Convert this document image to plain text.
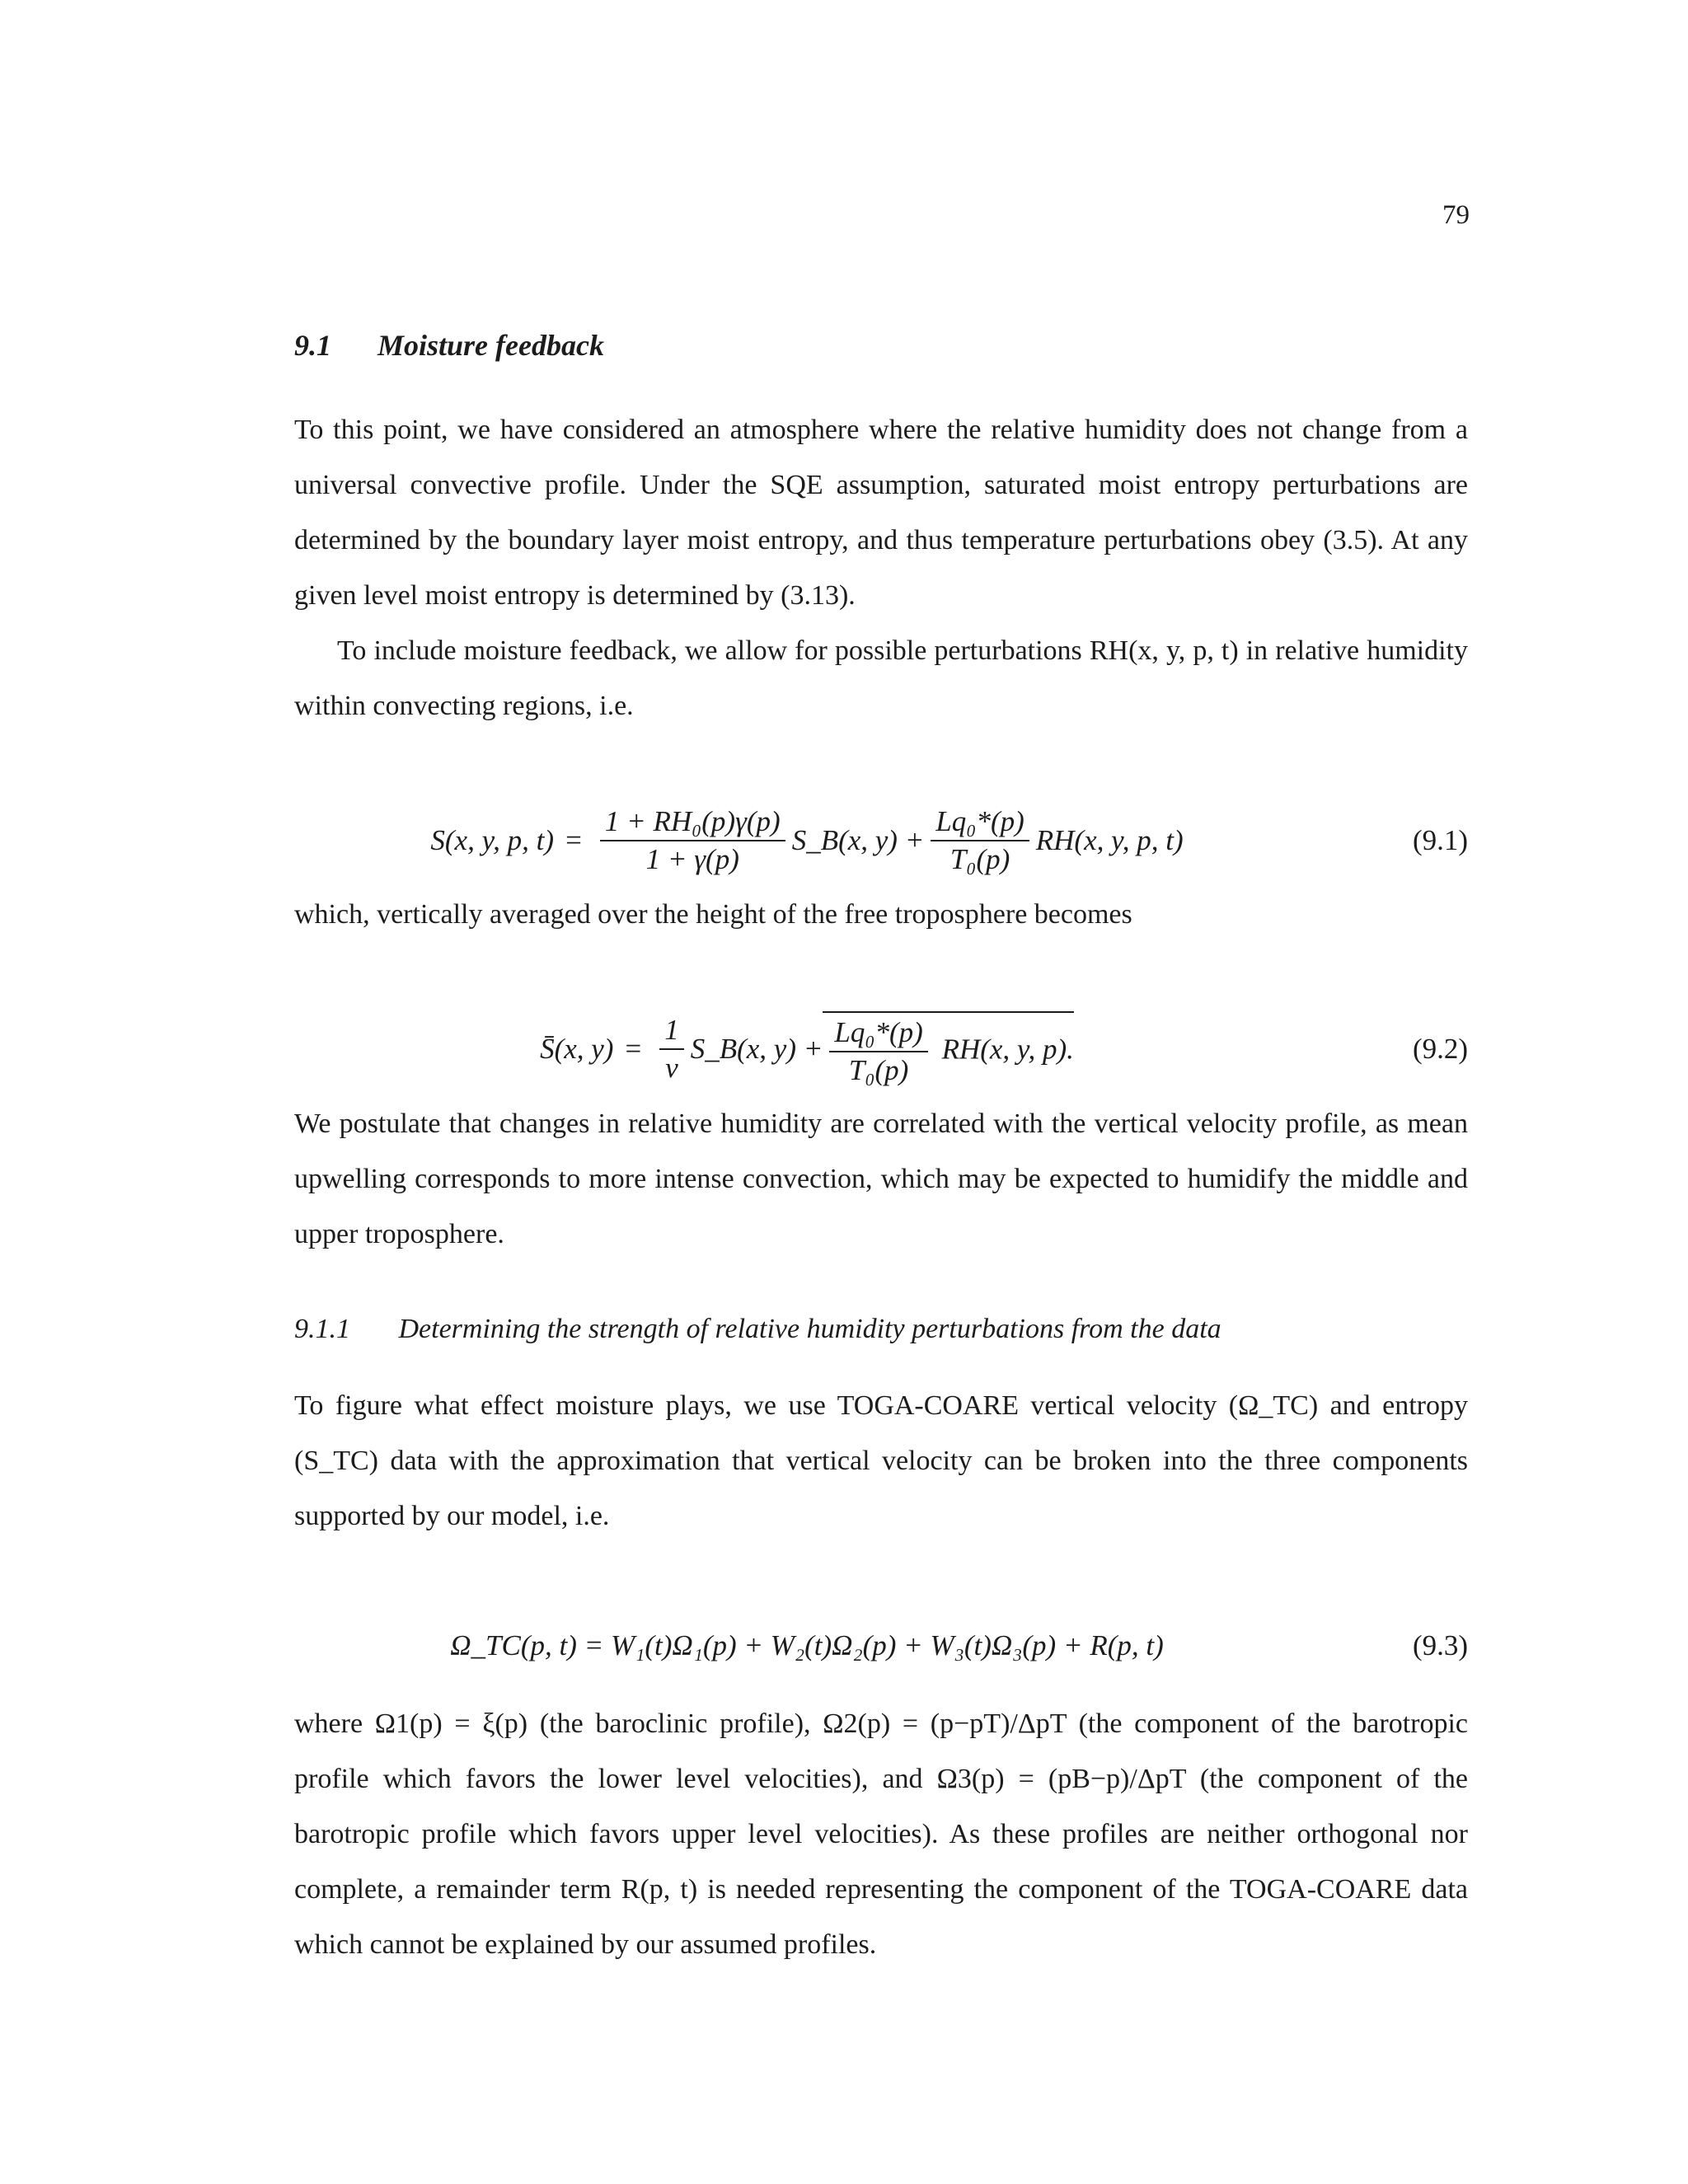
79
9.1 Moisture feedback

To this point, we have considered an atmosphere where the relative humidity does not change from a universal convective profile. Under the SQE assumption, saturated moist entropy perturbations are determined by the boundary layer moist entropy, and thus temperature perturbations obey (3.5). At any given level moist entropy is determined by (3.13).

To include moisture feedback, we allow for possible perturbations RH(x, y, p, t) in relative humidity within convecting regions, i.e.

S(x, y, p, $t) = \frac{\text{1 + RH₀(p)γ(p)}}{1 + \gamma(p)}$ S_B(x, $y) + \frac{\text{Lq₀*(p)}}{\text{T₀(p)}} RH(x$, y, p, t)	(9.1)

which, vertically averaged over the height of the free troposphere becomes

S̄(x, $y) = \frac{1}{\nu}$ S_B(x, $y) + \frac{\text{Lq₀*(p)}}{\text{T₀(p)}} RH(x$, y, p).	(9.2)

We postulate that changes in relative humidity are correlated with the vertical velocity profile, as mean upwelling corresponds to more intense convection, which may be expected to humidify the middle and upper troposphere.

9.1.1 Determining the strength of relative humidity perturbations from the data

To figure what effect moisture plays, we use TOGA-COARE vertical velocity (Ω_TC) and entropy (S_TC) data with the approximation that vertical velocity can be broken into the three components supported by our model, i.e.

Ω_TC(p, t) = W₁(t)Ω₁(p) + W₂(t)Ω₂(p) + W₃(t)Ω₃(p) + R(p, t)	(9.3)

where Ω1(p) = ξ(p) (the baroclinic profile), Ω2(p) = (p−pT)/ΔpT (the component of the barotropic profile which favors the lower level velocities), and Ω3(p) = (pB−p)/ΔpT (the component of the barotropic profile which favors upper level velocities). As these profiles are neither orthogonal nor complete, a remainder term R(p, t) is needed representing the component of the TOGA-COARE data which cannot be explained by our assumed profiles.
